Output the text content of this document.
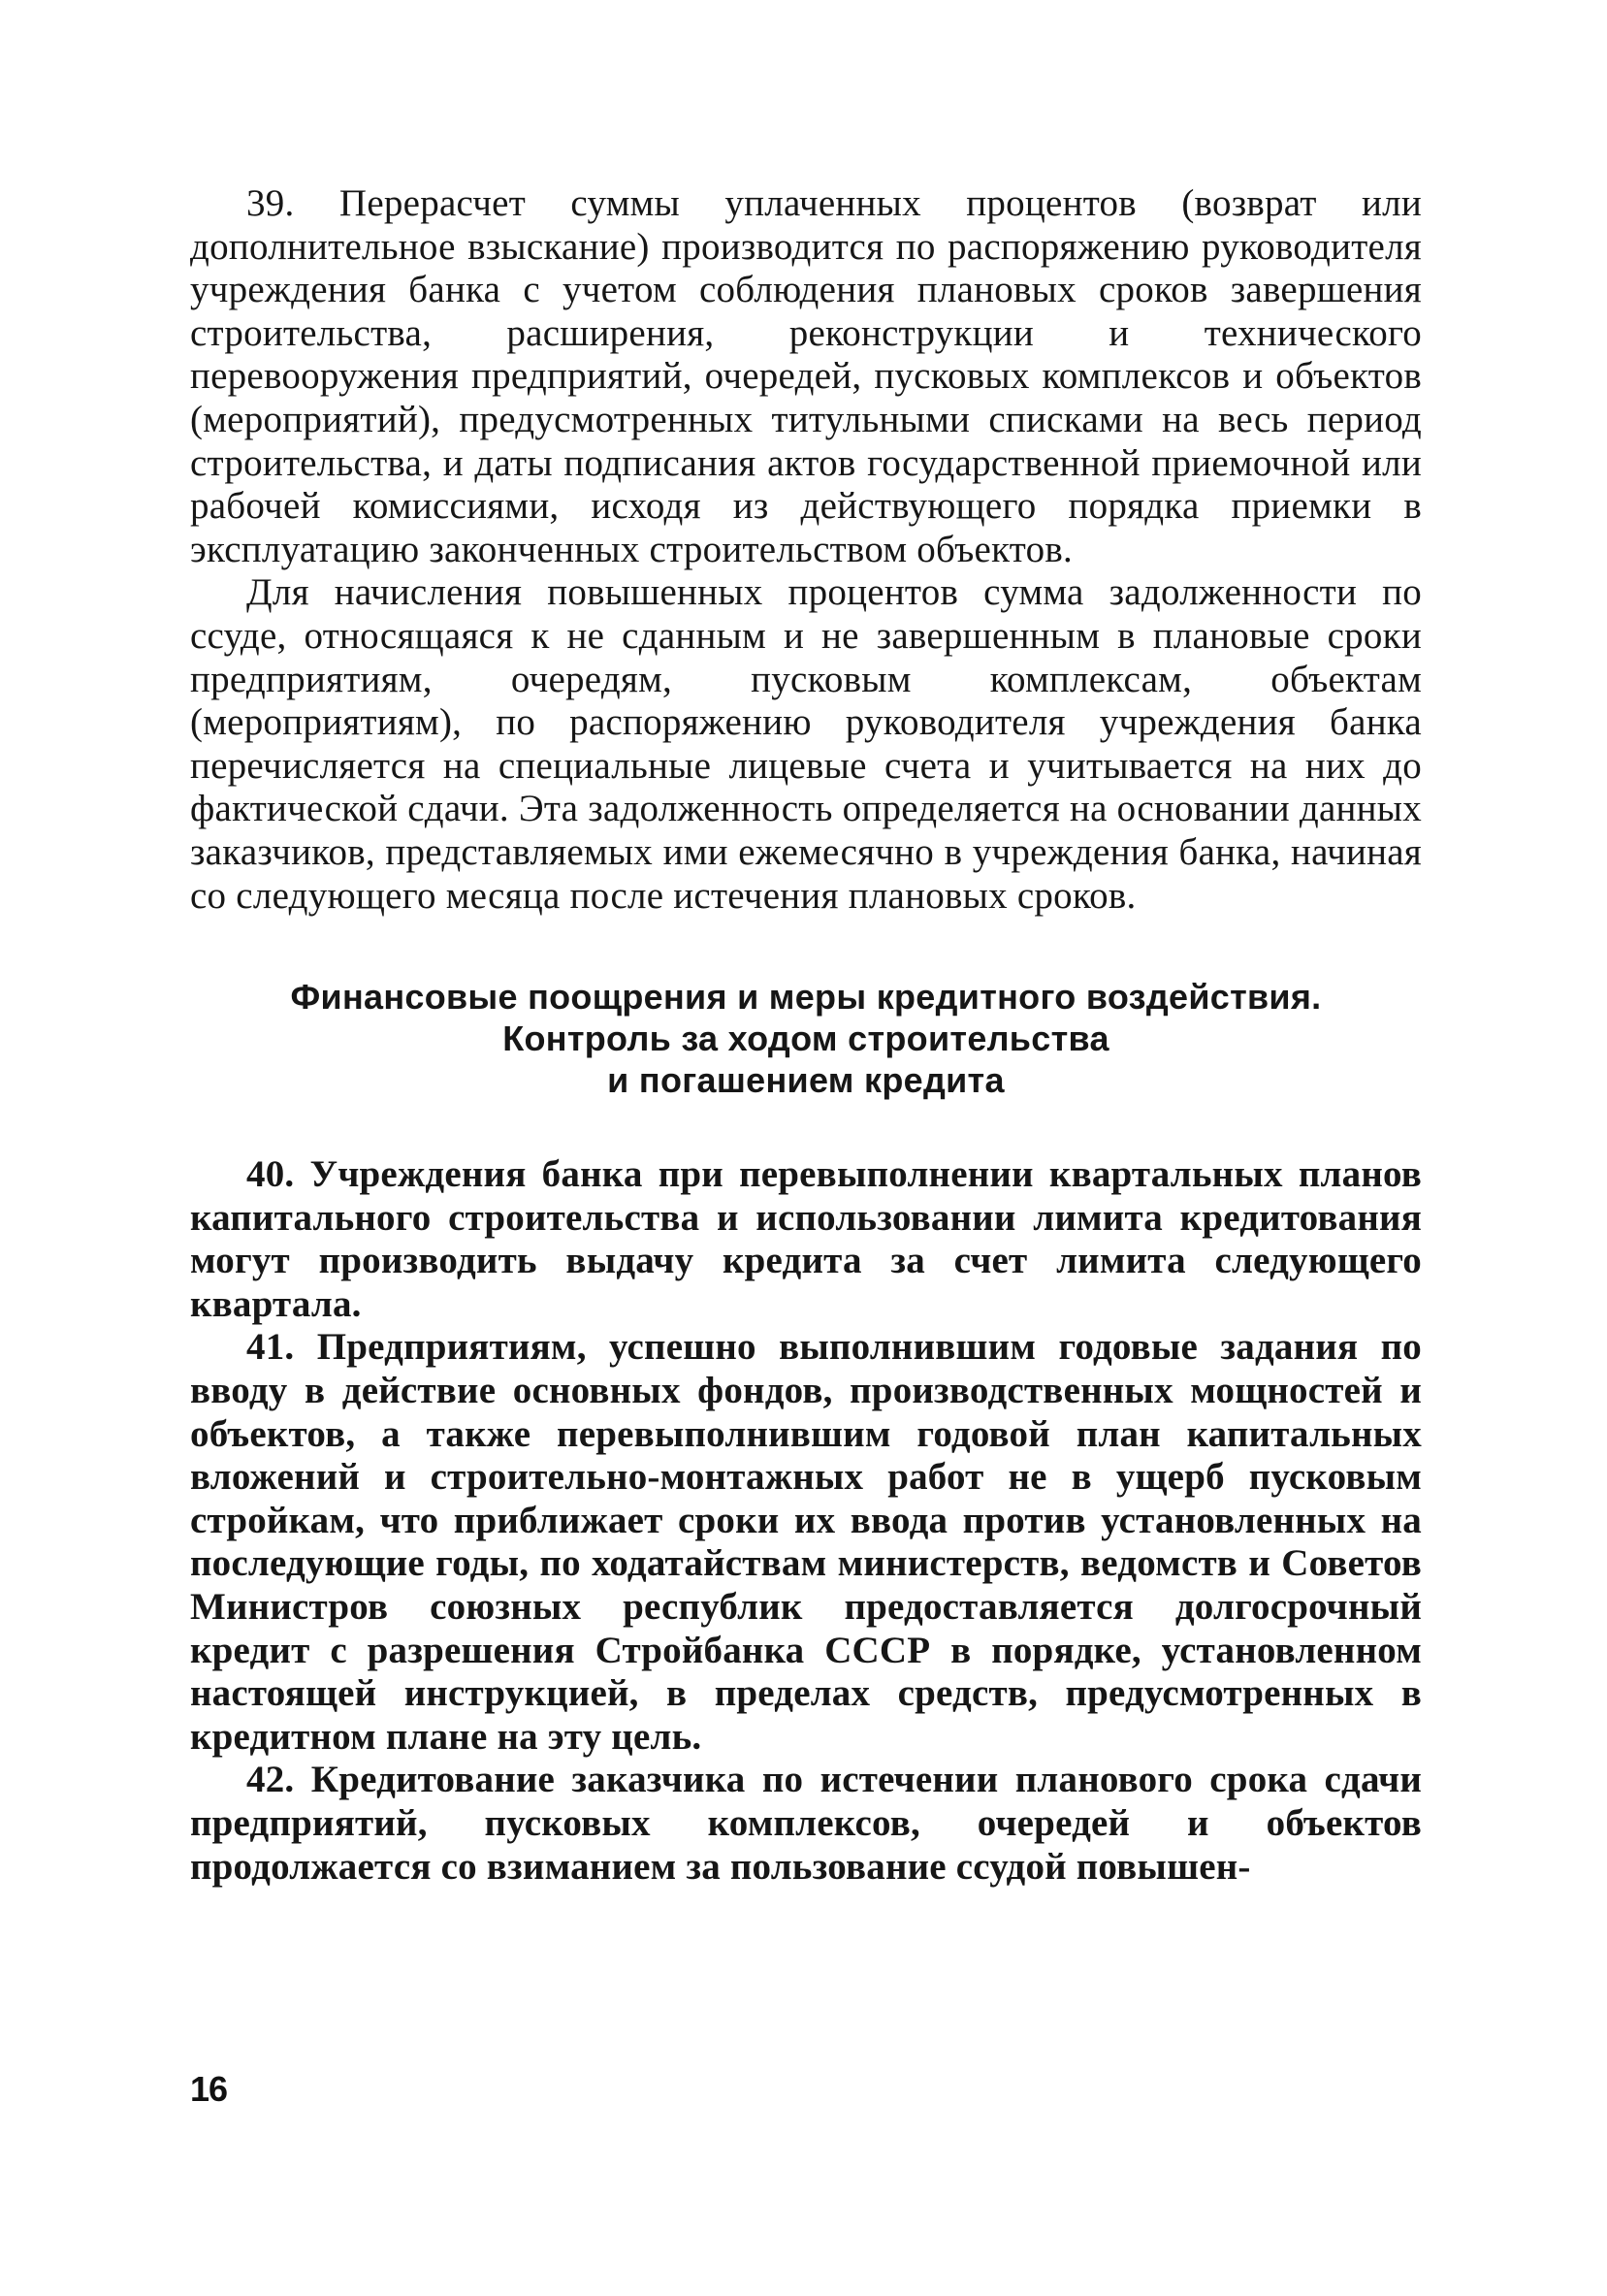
39. Перерасчет суммы уплаченных процентов (возврат или дополнительное взыскание) производится по распоряжению руководителя учреждения банка с учетом соблюдения плановых сроков завершения строительства, расширения, реконструкции и технического перевооружения предприятий, очередей, пусковых комплексов и объектов (мероприятий), предусмотренных титульными списками на весь период строительства, и даты подписания актов государственной приемочной или рабочей комиссиями, исходя из действующего порядка приемки в эксплуатацию законченных строительством объектов.

Для начисления повышенных процентов сумма задолженности по ссуде, относящаяся к не сданным и не завершенным в плановые сроки предприятиям, очередям, пусковым комплексам, объектам (мероприятиям), по распоряжению руководителя учреждения банка перечисляется на специальные лицевые счета и учитывается на них до фактической сдачи. Эта задолженность определяется на основании данных заказчиков, представляемых ими ежемесячно в учреждения банка, начиная со следующего месяца после истечения плановых сроков.

Финансовые поощрения и меры кредитного воздействия.
Контроль за ходом строительства
и погашением кредита

40. Учреждения банка при перевыполнении квартальных планов капитального строительства и использовании лимита кредитования могут производить выдачу кредита за счет лимита следующего квартала.

41. Предприятиям, успешно выполнившим годовые задания по вводу в действие основных фондов, производственных мощностей и объектов, а также перевыполнившим годовой план капитальных вложений и строительно-монтажных работ не в ущерб пусковым стройкам, что приближает сроки их ввода против установленных на последующие годы, по ходатайствам министерств, ведомств и Советов Министров союзных республик предоставляется долгосрочный кредит с разрешения Стройбанка СССР в порядке, установленном настоящей инструкцией, в пределах средств, предусмотренных в кредитном плане на эту цель.

42. Кредитование заказчика по истечении планового срока сдачи предприятий, пусковых комплексов, очередей и объектов продолжается со взиманием за пользование ссудой повышен-

16
